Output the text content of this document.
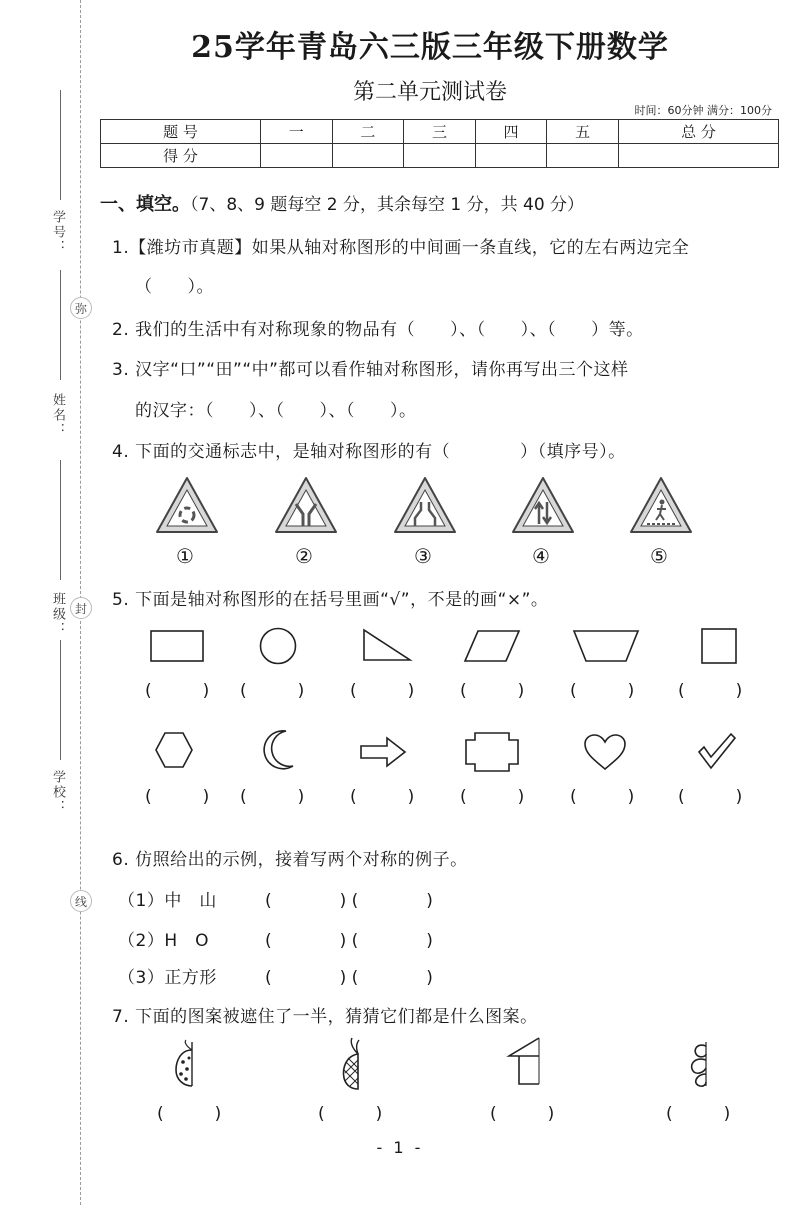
学号：
姓名：
班级：
学校：
弥
封
线
25学年青岛六三版三年级下册数学
第二单元测试卷
时间：60分钟 满分：100分
题 号	一	二	三	四	五	总 分
得 分						
一、填空。（7、8、9 题每空 2 分，其余每空 1 分，共 40 分）
1.【潍坊市真题】如果从轴对称图形的中间画一条直线，它的左右两边完全
（　　）。
2. 我们的生活中有对称现象的物品有（　　）、（　　）、（　　）等。
3. 汉字“口”“田”“中”都可以看作轴对称图形，请你再写出三个这样
的汉字：（　　）、（　　）、（　　）。
4. 下面的交通标志中，是轴对称图形的有（　　　　）（填序号）。
①	②	③	④	⑤
5. 下面是轴对称图形的在括号里画“√”，不是的画“×”。
(　　　) (　　　)	(　　　)	(　　　)	(　　　)	(　　　)
(　　　) (　　　)	(　　　)	(　　　)	(　　　)	(　　　)
6. 仿照给出的示例，接着写两个对称的例子。
（1）中　山	(　　　　) (　　　　)
（2）H　O	(　　　　) (　　　　)
（3）正方形	(　　　　) (　　　　)
7. 下面的图案被遮住了一半，猜猜它们都是什么图案。
(　　　)	(　　　)	(　　　)	(　　　)
- 1 -
